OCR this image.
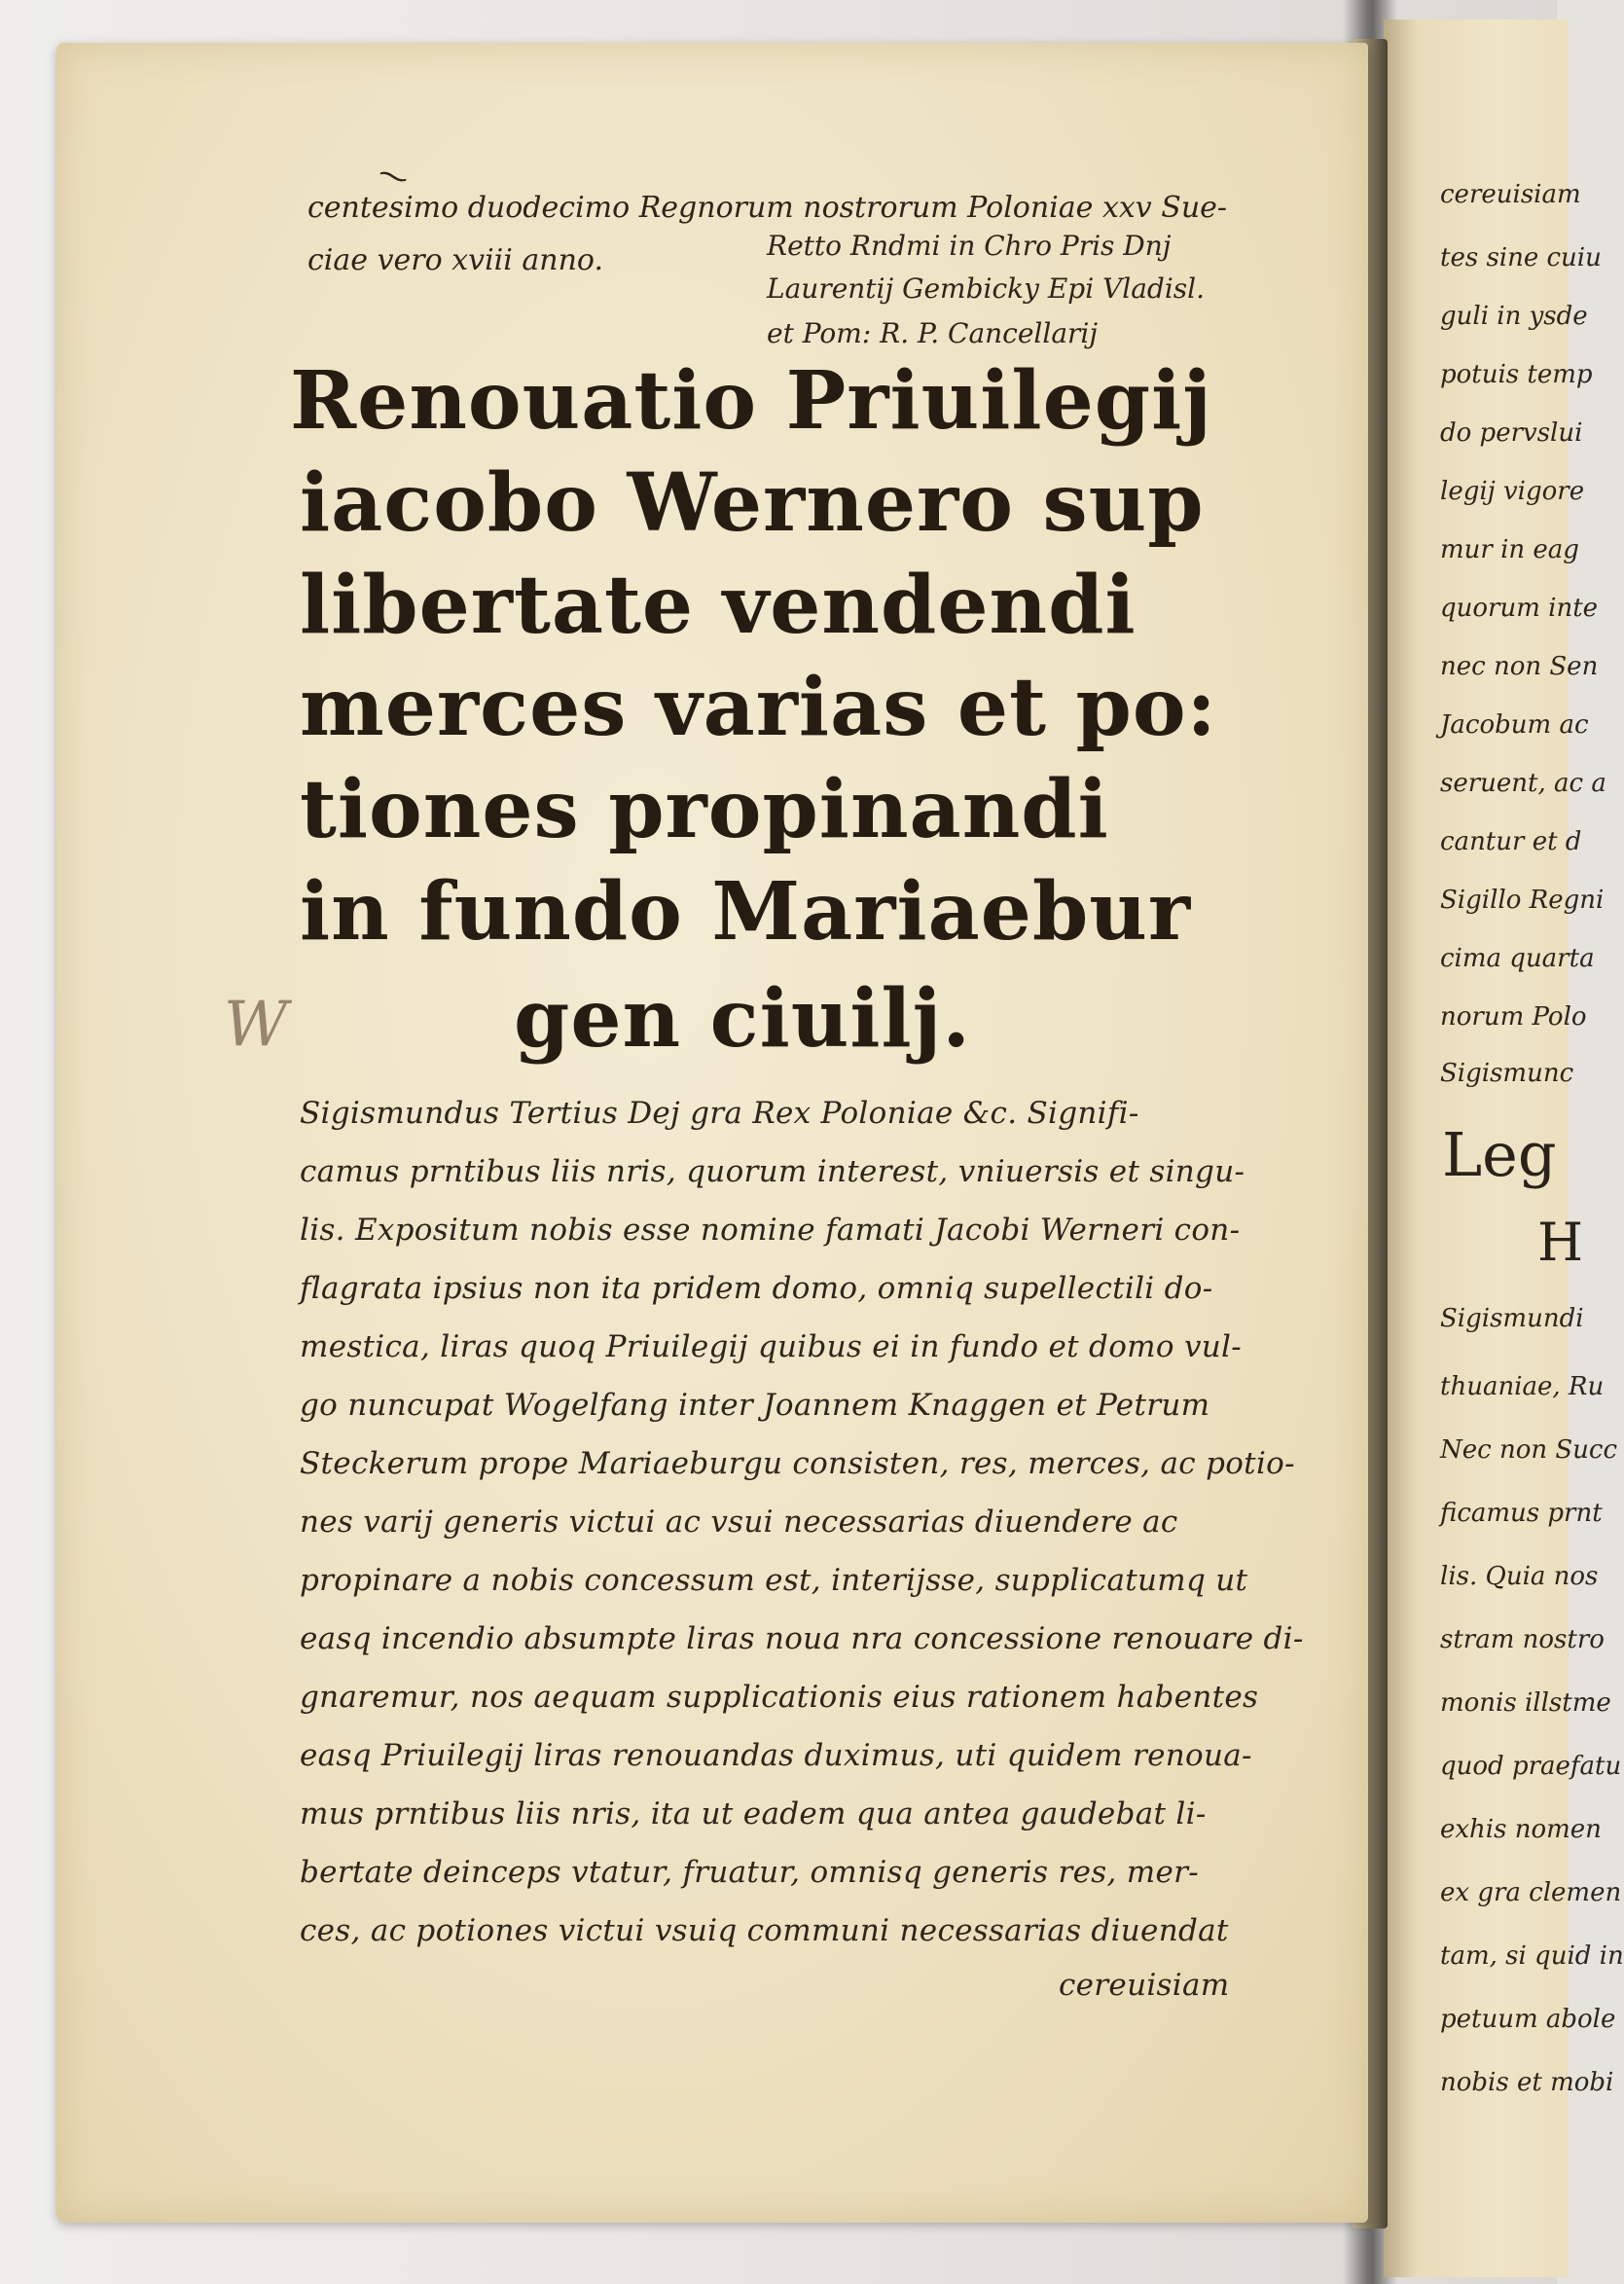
cereuisiam
tes sine cuiu
guli in ysde
potuis temp
do pervslui
legij vigore
mur in eag
quorum inte
nec non Sen
Jacobum ac
seruent, ac a
cantur et d
Sigillo Regni
cima quarta
norum Polo
Sigismunc
Leg
H
Sigismundi
thuaniae, Ru
Nec non Succ
ficamus prnt
lis. Quia nos
stram nostro
monis illstme
quod praefatu
exhis nomen
ex gra clemen
tam, si quid in
petuum abole
nobis et mobi
⁓
centesimo duodecimo Regnorum nostrorum Poloniae xxv Sue-
ciae vero xviii anno.	Retto Rndmi in Chro Pris Dnj
Laurentij Gembicky Epi Vladisl.
et Pom: R. P. Cancellarij
Renouatio Priuilegij
iacobo Wernero sup
libertate vendendi
merces varias et po:
tiones propinandi
in fundo Mariaebur
gen ciuilj.
W
Sigismundus Tertius Dej gra Rex Poloniae &c. Signifi-
camus prntibus liis nris, quorum interest, vniuersis et singu-
lis. Expositum nobis esse nomine famati Jacobi Werneri con-
flagrata ipsius non ita pridem domo, omniq supellectili do-
mestica, liras quoq Priuilegij quibus ei in fundo et domo vul-
go nuncupat Wogelfang inter Joannem Knaggen et Petrum
Steckerum prope Mariaeburgu consisten, res, merces, ac potio-
nes varij generis victui ac vsui necessarias diuendere ac
propinare a nobis concessum est, interijsse, supplicatumq ut
easq incendio absumpte liras noua nra concessione renouare di-
gnaremur, nos aequam supplicationis eius rationem habentes
easq Priuilegij liras renouandas duximus, uti quidem renoua-
mus prntibus liis nris, ita ut eadem qua antea gaudebat li-
bertate deinceps vtatur, fruatur, omnisq generis res, mer-
ces, ac potiones victui vsuiq communi necessarias diuendat
cereuisiam
